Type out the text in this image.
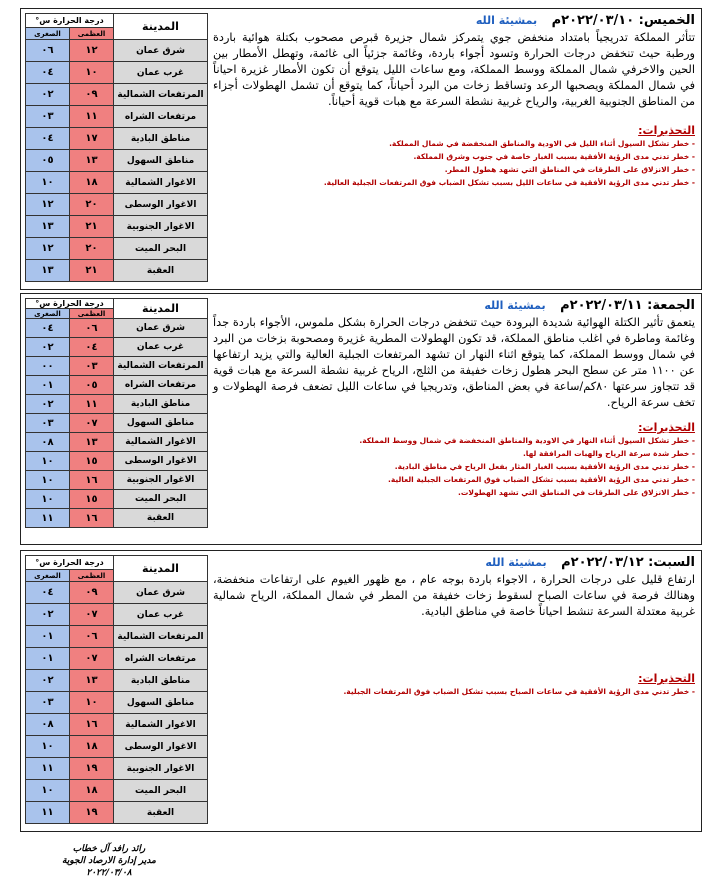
المدينة	درجة الحرارة س°	
	العظمى	الصغرى
شرق عمان	١٢	٠٦
غرب عمان	١٠	٠٤
المرتفعات الشمالية	٠٩	٠٢
مرتفعات الشراه	١١	٠٣
مناطق البادية	١٧	٠٤
مناطق السهول	١٣	٠٥
الاغوار الشمالية	١٨	١٠
الاغوار الوسطى	٢٠	١٢
الاغوار الجنوبية	٢١	١٣
البحر الميت	٢٠	١٢
العقبة	٢١	١٣
الخميس: ٢٠٢٢/٠٣/١٠م بمشيئة الله
تتأثر المملكة تدريجياً بامتداد منخفض جوي يتمركز شمال جزيرة قبرص مصحوب بكتلة هوائية باردة ورطبة حيث تنخفض درجات الحرارة وتسود أجواء باردة، وغائمة جزئياً الى غائمة، وتهطل الأمطار بين الحين والاخرفي شمال المملكة ووسط المملكة، ومع ساعات الليل يتوقع أن تكون الأمطار غزيرة احياناً في شمال المملكة ويصحبها الرعد وتساقط زخات من البرد أحياناً، كما يتوقع أن تشمل الهطولات أجزاء من المناطق الجنوبية الغربية، والرياح غربية نشطة السرعة مع هبات قوية أحياناً.
التحذيرات:
- خطر تشكل السيول أثناء الليل في الاودية والمناطق المنخفضة في شمال المملكة.
- خطر تدني مدى الرؤية الأفقية بسبب الغبار خاصة في جنوب وشرق المملكة.
- خطر الانزلاق على الطرقات في المناطق التي تشهد هطول المطر.
- خطر تدني مدى الرؤية الأفقية في ساعات الليل بسبب تشكل الضباب فوق المرتفعات الجبلية العالية.
المدينة	درجة الحرارة س°	
	العظمى	الصغرى
شرق عمان	٠٦	٠٤
غرب عمان	٠٤	٠٢
المرتفعات الشمالية	٠٣	٠٠
مرتفعات الشراه	٠٥	٠١
مناطق البادية	١١	٠٢
مناطق السهول	٠٧	٠٣
الاغوار الشمالية	١٣	٠٨
الاغوار الوسطى	١٥	١٠
الاغوار الجنوبية	١٦	١٠
البحر الميت	١٥	١٠
العقبة	١٦	١١
الجمعة: ٢٠٢٢/٠٣/١١م بمشيئة الله
يتعمق تأثير الكتلة الهوائية شديدة البرودة حيث تنخفض درجات الحرارة بشكل ملموس، الأجواء باردة جداً وغائمة وماطرة في اغلب مناطق المملكة، قد تكون الهطولات المطرية غزيرة ومصحوبة بزخات من البرد في شمال ووسط المملكة، كما يتوقع اثناء النهار ان تشهد المرتفعات الجبلية العالية والتي يزيد ارتفاعها عن ١١٠٠ متر عن سطح البحر هطول زخات خفيفة من الثلج، الرياح غربية نشطة السرعة مع هبات قوية قد تتجاوز سرعتها ٨٠كم/ساعة في بعض المناطق، وتدريجيا في ساعات الليل تضعف فرصة الهطولات و تخف سرعة الرياح.
التحذيرات:
- خطر تشكل السيول أثناء النهار في الاودية والمناطق المنخفضة في شمال ووسط المملكة.
- خطر شدة سرعة الرياح والهبات المرافقة لها.
- خطر تدني مدى الرؤية الأفقية بسبب الغبار المثار بفعل الرياح في مناطق البادية.
- خطر تدني مدى الرؤية الأفقية بسبب تشكل الضباب فوق المرتفعات الجبلية العالية.
- خطر الانزلاق على الطرقات في المناطق التي تشهد الهطولات.
المدينة	درجة الحرارة س°	
	العظمى	الصغرى
شرق عمان	٠٩	٠٤
غرب عمان	٠٧	٠٢
المرتفعات الشمالية	٠٦	٠١
مرتفعات الشراه	٠٧	٠١
مناطق البادية	١٣	٠٢
مناطق السهول	١٠	٠٣
الاغوار الشمالية	١٦	٠٨
الاغوار الوسطى	١٨	١٠
الاغوار الجنوبية	١٩	١١
البحر الميت	١٨	١٠
العقبة	١٩	١١
السبت: ٢٠٢٢/٠٣/١٢م بمشيئة الله
ارتفاع قليل على درجات الحرارة ، الاجواء باردة بوجه عام ، مع ظهور الغيوم على ارتفاعات منخفضة، وهنالك فرصة في ساعات الصباح لسقوط زخات خفيفة من المطر في شمال المملكة، الرياح شمالية غربية معتدلة السرعة تنشط احياناً خاصة في مناطق البادية.
التحذيرات:
- خطر تدني مدى الرؤية الأفقية في ساعات الصباح بسبب تشكل الضباب فوق المرتفعات الجبلية.
رائد رافد آل خطاب
مدير إدارة الارصاد الجوية
٢٠٢٢/٠٣/٠٨
